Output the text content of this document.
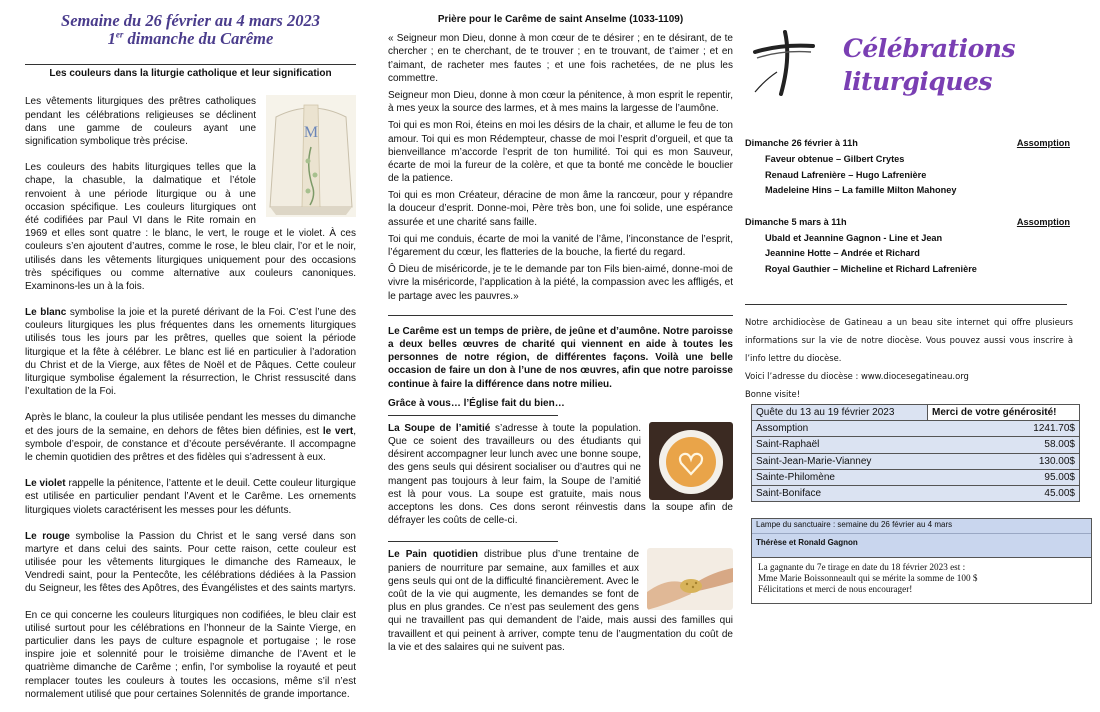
Semaine du 26 février au 4 mars 2023
1er dimanche du Carême
Les couleurs dans la liturgie catholique et leur signification
M

Les vêtements liturgiques des prêtres catholiques pendant les célébrations religieuses se déclinent dans une gamme de couleurs ayant une signification symbolique très précise.

Les couleurs des habits liturgiques telles que la chape, la chasuble, la dalmatique et l’étole renvoient à une période liturgique ou à une occasion spécifique. Les couleurs liturgiques ont été codifiées par Paul VI dans le Rite romain en 1969 et elles sont quatre : le blanc, le vert, le rouge et le violet. À ces couleurs s’en ajoutent d’autres, comme le rose, le bleu clair, l’or et le noir, utilisés dans les vêtements liturgiques uniquement pour des occasions très spécifiques ou comme alternative aux couleurs canoniques. Examinons-les un à la fois.

Le blanc symbolise la joie et la pureté dérivant de la Foi. C’est l’une des couleurs liturgiques les plus fréquentes dans les ornements liturgiques utilisés tous les jours par les prêtres, quelles que soient la période liturgique et la fête à célébrer. Le blanc est lié en particulier à l’adoration du Christ et de la Vierge, aux fêtes de Noël et de Pâques. Cette couleur liturgique symbolise également la résurrection, le Christ ressuscité dans l’exultation de la Foi.

Après le blanc, la couleur la plus utilisée pendant les messes du dimanche et des jours de la semaine, en dehors de fêtes bien définies, est le vert, symbole d’espoir, de constance et d’écoute persévérante. Il accompagne le chemin quotidien des prêtres et des fidèles qui s’adressent à eux.

Le violet rappelle la pénitence, l’attente et le deuil. Cette couleur liturgique est utilisée en particulier pendant l’Avent et le Carême. Les ornements liturgiques violets caractérisent les messes pour les défunts.

Le rouge symbolise la Passion du Christ et le sang versé dans son martyre et dans celui des saints. Pour cette raison, cette couleur est utilisée pour les vêtements liturgiques le dimanche des Rameaux, le Vendredi saint, pour la Pentecôte, les célébrations dédiées à la Passion du Seigneur, les fêtes des Apôtres, des Évangélistes et des saints martyrs.

En ce qui concerne les couleurs liturgiques non codifiées, le bleu clair est utilisé surtout pour les célébrations en l’honneur de la Sainte Vierge, en particulier dans les pays de culture espagnole et portugaise ; le rose inspire joie et solennité pour le troisième dimanche de l’Avent et le quatrième dimanche de Carême ; enfin, l’or symbolise la royauté et peut remplacer toutes les couleurs à toutes les occasions, même s’il n’est normalement utilisé que pour certaines Solennités de grande importance.

Prière pour le Carême de saint Anselme (1033-1109)

« Seigneur mon Dieu, donne à mon cœur de te désirer ; en te désirant, de te chercher ; en te cherchant, de te trouver ; en te trouvant, de t’aimer ; et en t’aimant, de racheter mes fautes ; et une fois rachetées, de ne plus les commettre.

Seigneur mon Dieu, donne à mon cœur la pénitence, à mon esprit le repentir, à mes yeux la source des larmes, et à mes mains la largesse de l’aumône.

Toi qui es mon Roi, éteins en moi les désirs de la chair, et allume le feu de ton amour. Toi qui es mon Rédempteur, chasse de moi l’esprit d’orgueil, et que ta bienveillance m’accorde l’esprit de ton humilité. Toi qui es mon Sauveur, écarte de moi la fureur de la colère, et que ta bonté me concède le bouclier de la patience.

Toi qui es mon Créateur, déracine de mon âme la rancœur, pour y répandre la douceur d’esprit. Donne-moi, Père très bon, une foi solide, une espérance assurée et une charité sans faille.

Toi qui me conduis, écarte de moi la vanité de l’âme, l’inconstance de l’esprit, l’égarement du cœur, les flatteries de la bouche, la fierté du regard.

Ô Dieu de miséricorde, je te le demande par ton Fils bien-aimé, donne-moi de vivre la miséricorde, l’application à la piété, la compassion avec les affligés, et le partage avec les pauvres.»

Le Carême est un temps de prière, de jeûne et d’aumône. Notre paroisse a deux belles œuvres de charité qui viennent en aide à toutes les personnes de notre région, de différentes façons. Voilà une belle occasion de faire un don à l’une de nos œuvres, afin que notre paroisse continue à faire la différence dans notre milieu.

Grâce à vous… l’Église fait du bien…

La Soupe de l’amitié s’adresse à toute la population. Que ce soient des travailleurs ou des étudiants qui désirent accompagner leur lunch avec une bonne soupe, des gens seuls qui désirent socialiser ou d’autres qui ne mangent pas toujours à leur faim, la Soupe de l’amitié est là pour vous. La soupe est gratuite, mais nous acceptons les dons. Ces dons seront réinvestis dans la soupe afin de défrayer les coûts de celle-ci.

Le Pain quotidien distribue plus d’une trentaine de paniers de nourriture par semaine, aux familles et aux gens seuls qui ont de la difficulté financièrement. Avec le coût de la vie qui augmente, les demandes se font de plus en plus grandes. Ce n’est pas seulement des gens qui ne travaillent pas qui demandent de l’aide, mais aussi des familles qui travaillent et qui peinent à arriver, compte tenu de l’augmentation du coût de la vie et des salaires qui ne suivent pas.

Célébrations liturgiques
Dimanche 26 février à 11h	Assomption
Faveur obtenue – Gilbert Crytes
Renaud Lafrenière – Hugo Lafrenière
Madeleine Hins – La famille Milton Mahoney
Dimanche 5 mars à 11h	Assomption
Ubald et Jeannine Gagnon - Line et Jean
Jeannine Hotte – Andrée et Richard
Royal Gauthier – Micheline et Richard Lafrenière

Notre archidiocèse de Gatineau a un beau site internet qui offre plusieurs informations sur la vie de notre diocèse. Vous pouvez aussi vous inscrire à l’info lettre du diocèse.

Voici l’adresse du diocèse : www.diocesegatineau.org

Bonne visite!

Quête du 13 au 19 février 2023	Merci de votre générosité!

Assomption	1241.70$

Saint-Raphaël	58.00$

Saint-Jean-Marie-Vianney	130.00$

Sainte-Philomène	95.00$

Saint-Boniface	45.00$
Lampe du sanctuaire : semaine du 26 février au 4 mars
Thérèse et Ronald Gagnon
La gagnante du 7e tirage en date du 18 février 2023 est :
Mme Marie Boissonneault qui se mérite la somme de 100 $
Félicitations et merci de nous encourager!
